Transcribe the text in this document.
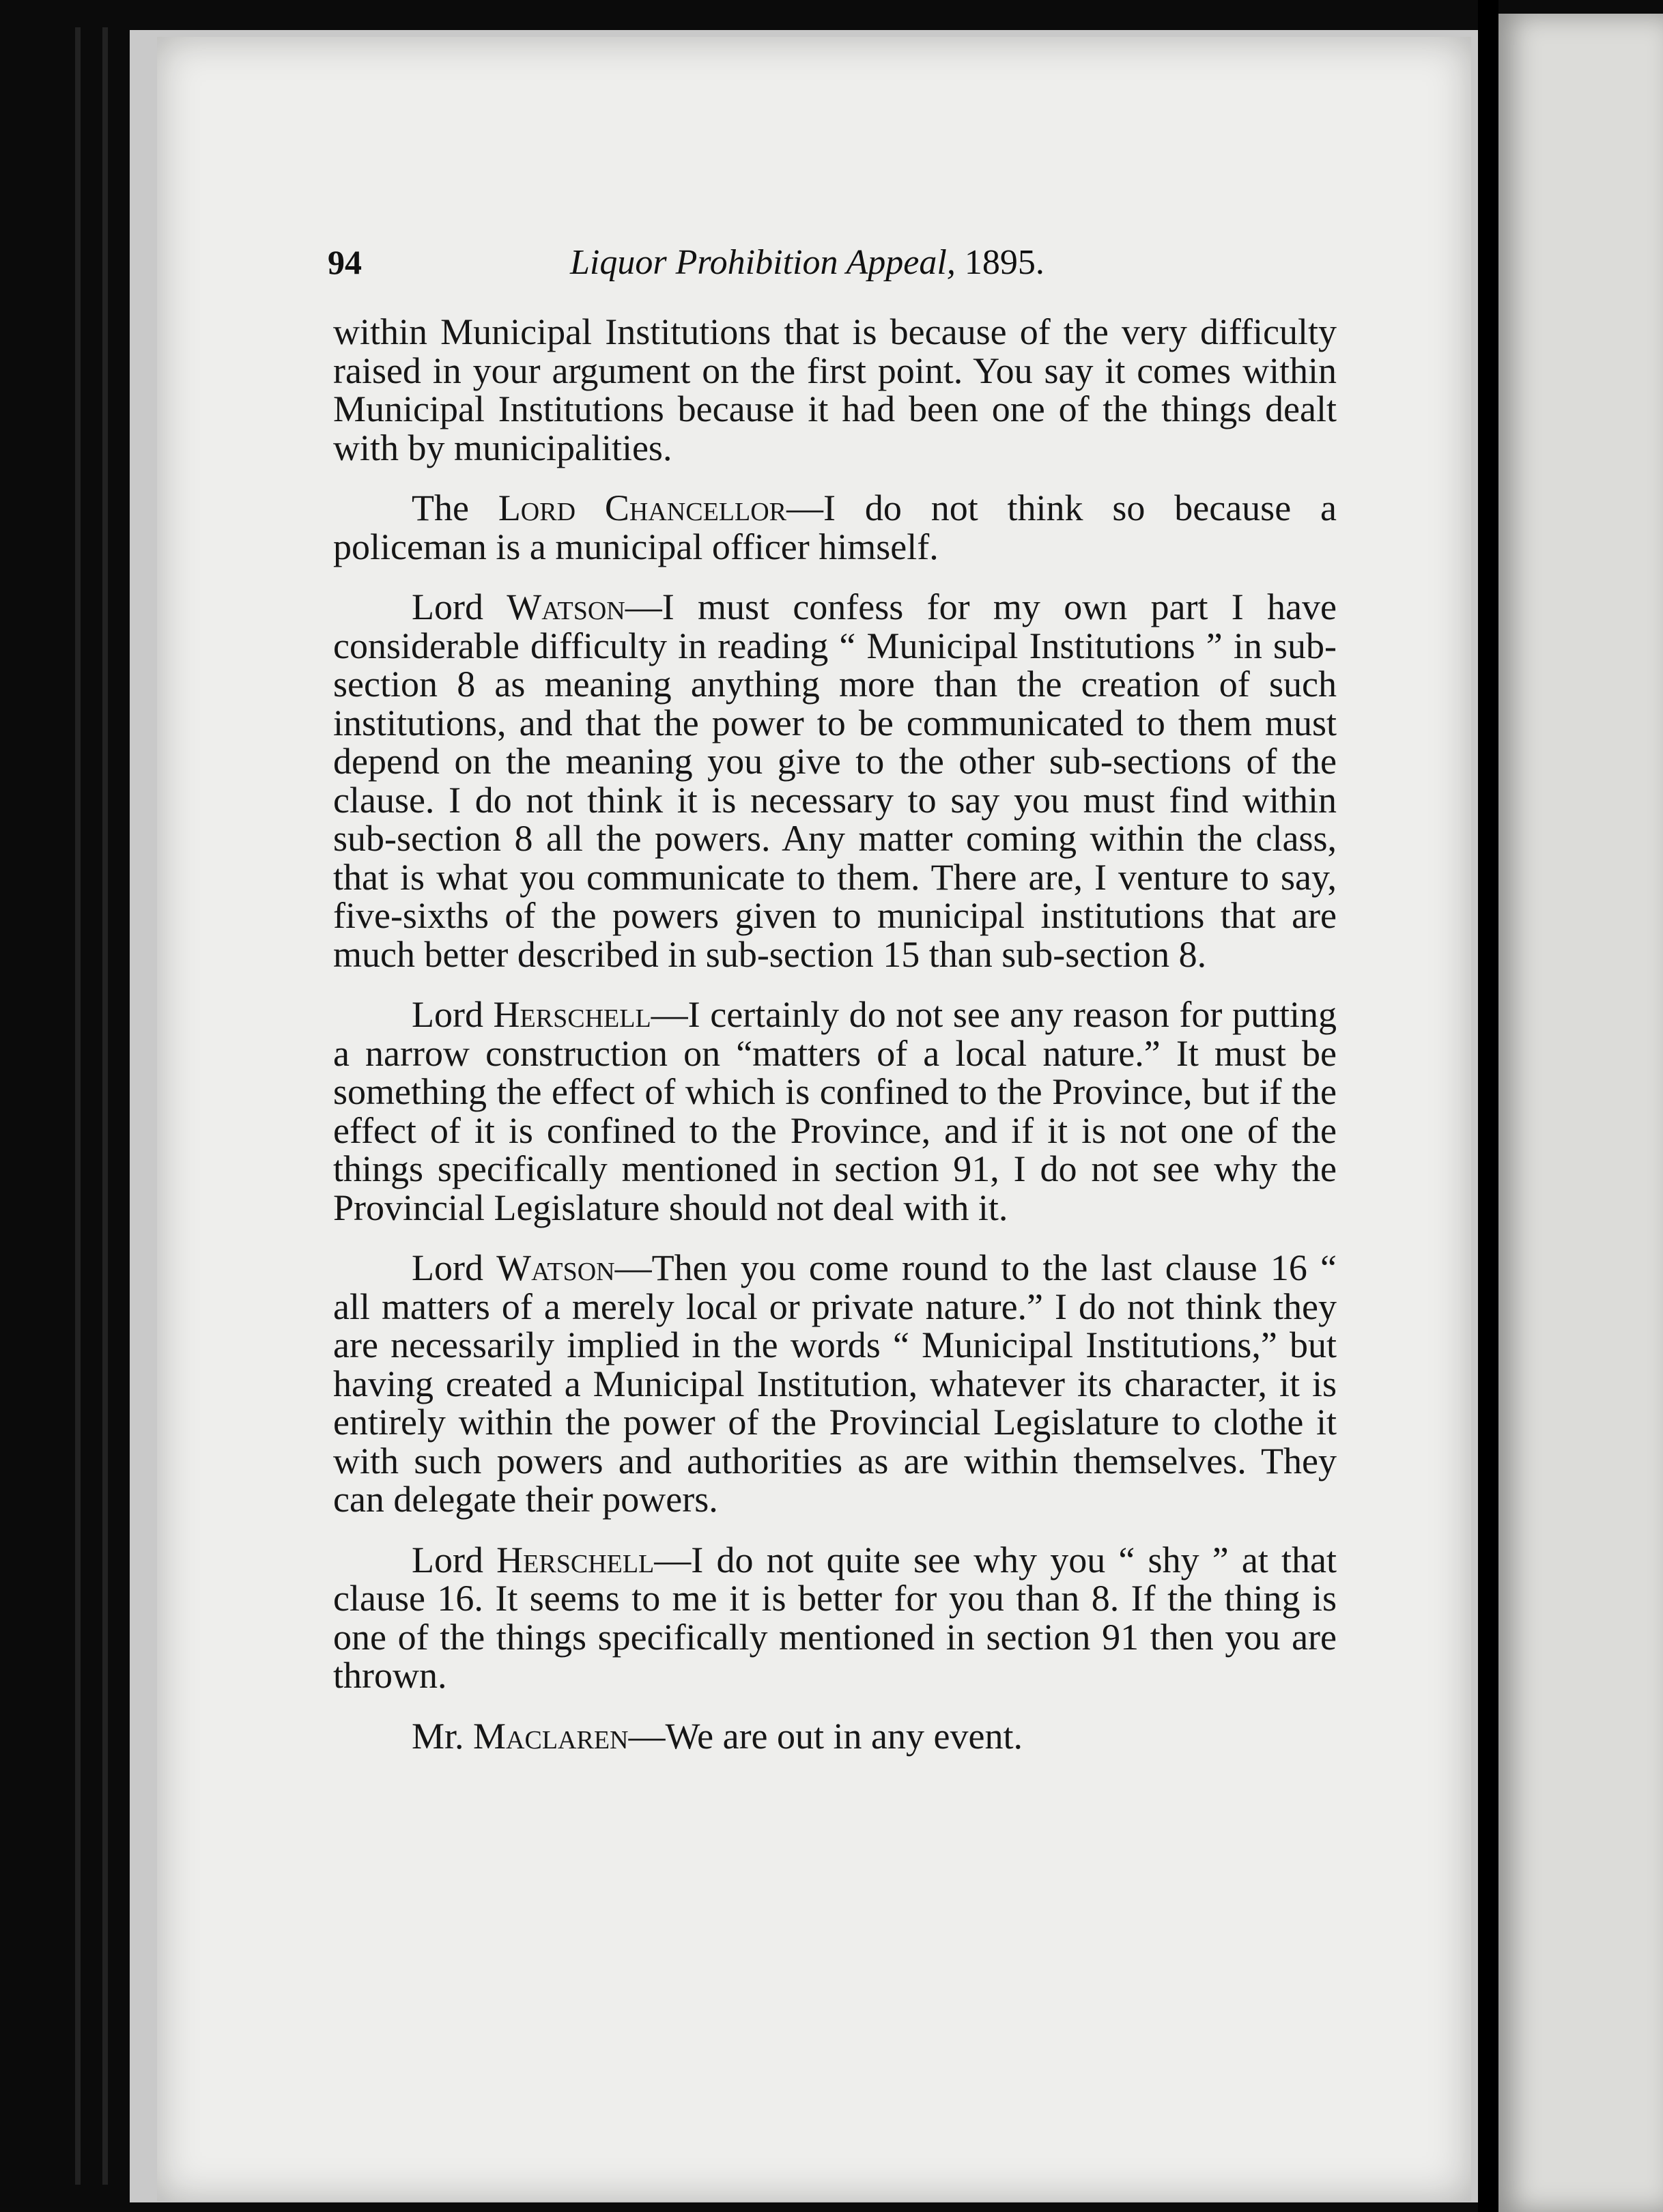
94	Liquor Prohibition Appeal, 1895.

within Municipal Institutions that is because of the very difficulty raised in your argument on the first point. You say it comes within Municipal Institutions because it had been one of the things dealt with by municipalities.

The Lord Chancellor—I do not think so because a policeman is a municipal officer himself.

Lord Watson—I must confess for my own part I have considerable difficulty in reading “ Municipal Institutions ” in sub-section 8 as meaning anything more than the creation of such institutions, and that the power to be communicated to them must depend on the meaning you give to the other sub-sections of the clause. I do not think it is necessary to say you must find within sub-section 8 all the powers. Any matter coming within the class, that is what you communicate to them. There are, I venture to say, five-sixths of the powers given to municipal institutions that are much better described in sub-section 15 than sub-section 8.

Lord Herschell—I certainly do not see any reason for putting a narrow construction on “matters of a local nature.” It must be something the effect of which is confined to the Province, but if the effect of it is confined to the Province, and if it is not one of the things specifically mentioned in section 91, I do not see why the Provincial Legislature should not deal with it.

Lord Watson—Then you come round to the last clause 16 “ all matters of a merely local or private nature.” I do not think they are necessarily implied in the words “ Municipal Institutions,” but having created a Municipal Institution, whatever its character, it is entirely within the power of the Provincial Legislature to clothe it with such powers and authorities as are within themselves. They can delegate their powers.

Lord Herschell—I do not quite see why you “ shy ” at that clause 16. It seems to me it is better for you than 8. If the thing is one of the things specifically mentioned in section 91 then you are thrown.

Mr. Maclaren—We are out in any event.
